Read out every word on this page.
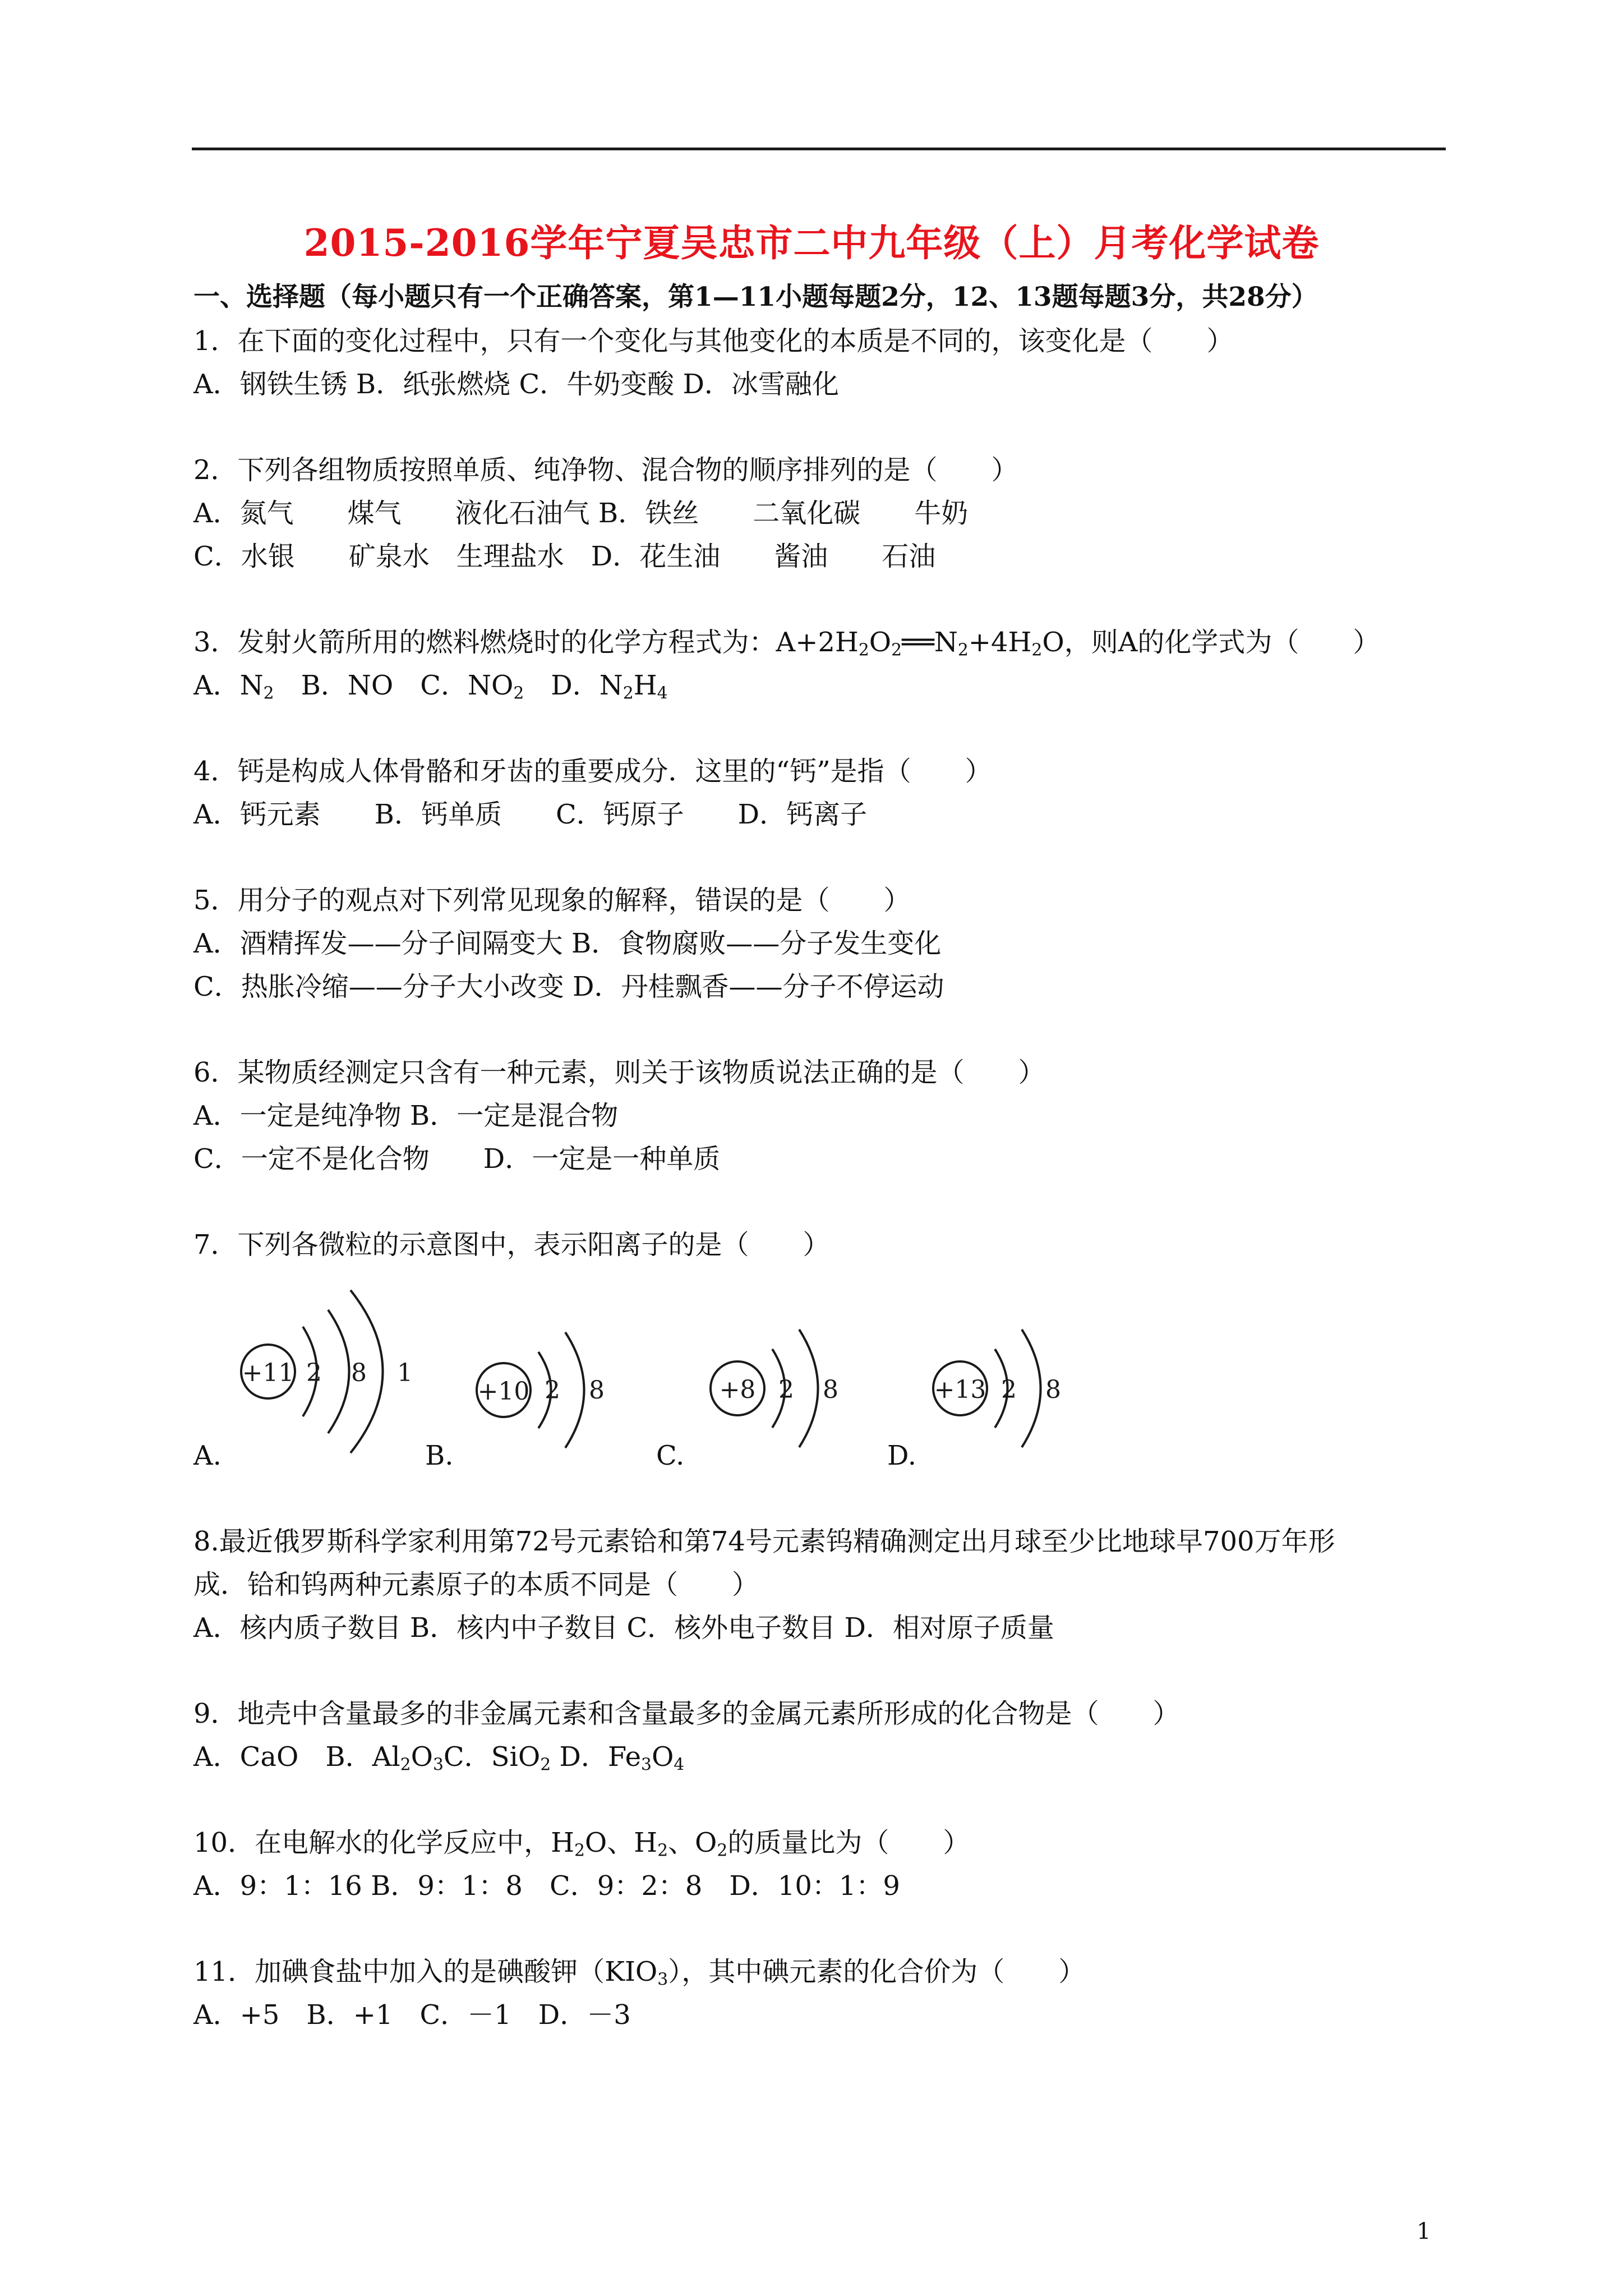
2015-2016学年宁夏吴忠市二中九年级（上）月考化学试卷
一、选择题（每小题只有一个正确答案，第1—11小题每题2分，12、13题每题3分，共28分）
1．在下面的变化过程中，只有一个变化与其他变化的本质是不同的，该变化是（　　）
A．钢铁生锈 B．纸张燃烧 C．牛奶变酸 D．冰雪融化
2．下列各组物质按照单质、纯净物、混合物的顺序排列的是（　　）
A．氮气　　煤气　　液化石油气 B．铁丝　　二氧化碳　　牛奶
C．水银　　矿泉水　生理盐水　D．花生油　　酱油　　石油
3．发射火箭所用的燃料燃烧时的化学方程式为：$A+2H_2O_2══N_2+4H_2O$，则A的化学式为（　　）
A．$N_2$　B．NO　C．$NO_2$　D．$N_2H_4$
4．钙是构成人体骨骼和牙齿的重要成分．这里的“钙”是指（　　）
A．钙元素　　B．钙单质　　C．钙原子　　D．钙离子
5．用分子的观点对下列常见现象的解释，错误的是（　　）
A．酒精挥发——分子间隔变大 B．食物腐败——分子发生变化
C．热胀冷缩——分子大小改变 D．丹桂飘香——分子不停运动
6．某物质经测定只含有一种元素，则关于该物质说法正确的是（　　）
A．一定是纯净物 B．一定是混合物
C．一定不是化合物　　D．一定是一种单质
7．下列各微粒的示意图中，表示阳离子的是（　　）
+11 2 8 1
+10 2 8	+8 2 8	+13 2 8
A.	B.	C.	D.
8.最近俄罗斯科学家利用第72号元素铪和第74号元素钨精确测定出月球至少比地球早700万年形
成．铪和钨两种元素原子的本质不同是（　　）
A．核内质子数目 B．核内中子数目 C．核外电子数目 D．相对原子质量
9．地壳中含量最多的非金属元素和含量最多的金属元素所形成的化合物是（　　）
A．CaO　B．$Al_2O_3C$．SiO$_2$ D．$Fe_3O_4$
10．在电解水的化学反应中，$H_2O$、$H_2$、$O_2$的质量比为（　　）
A．9：1：16 B．9：1：8　C．9：2：8　D．10：1：9
11．加碘食盐中加入的是碘酸钾$(KIO_3)$，其中碘元素的化合价为（　　）
A．+5　B．+1　C．－1　D．－3
1
